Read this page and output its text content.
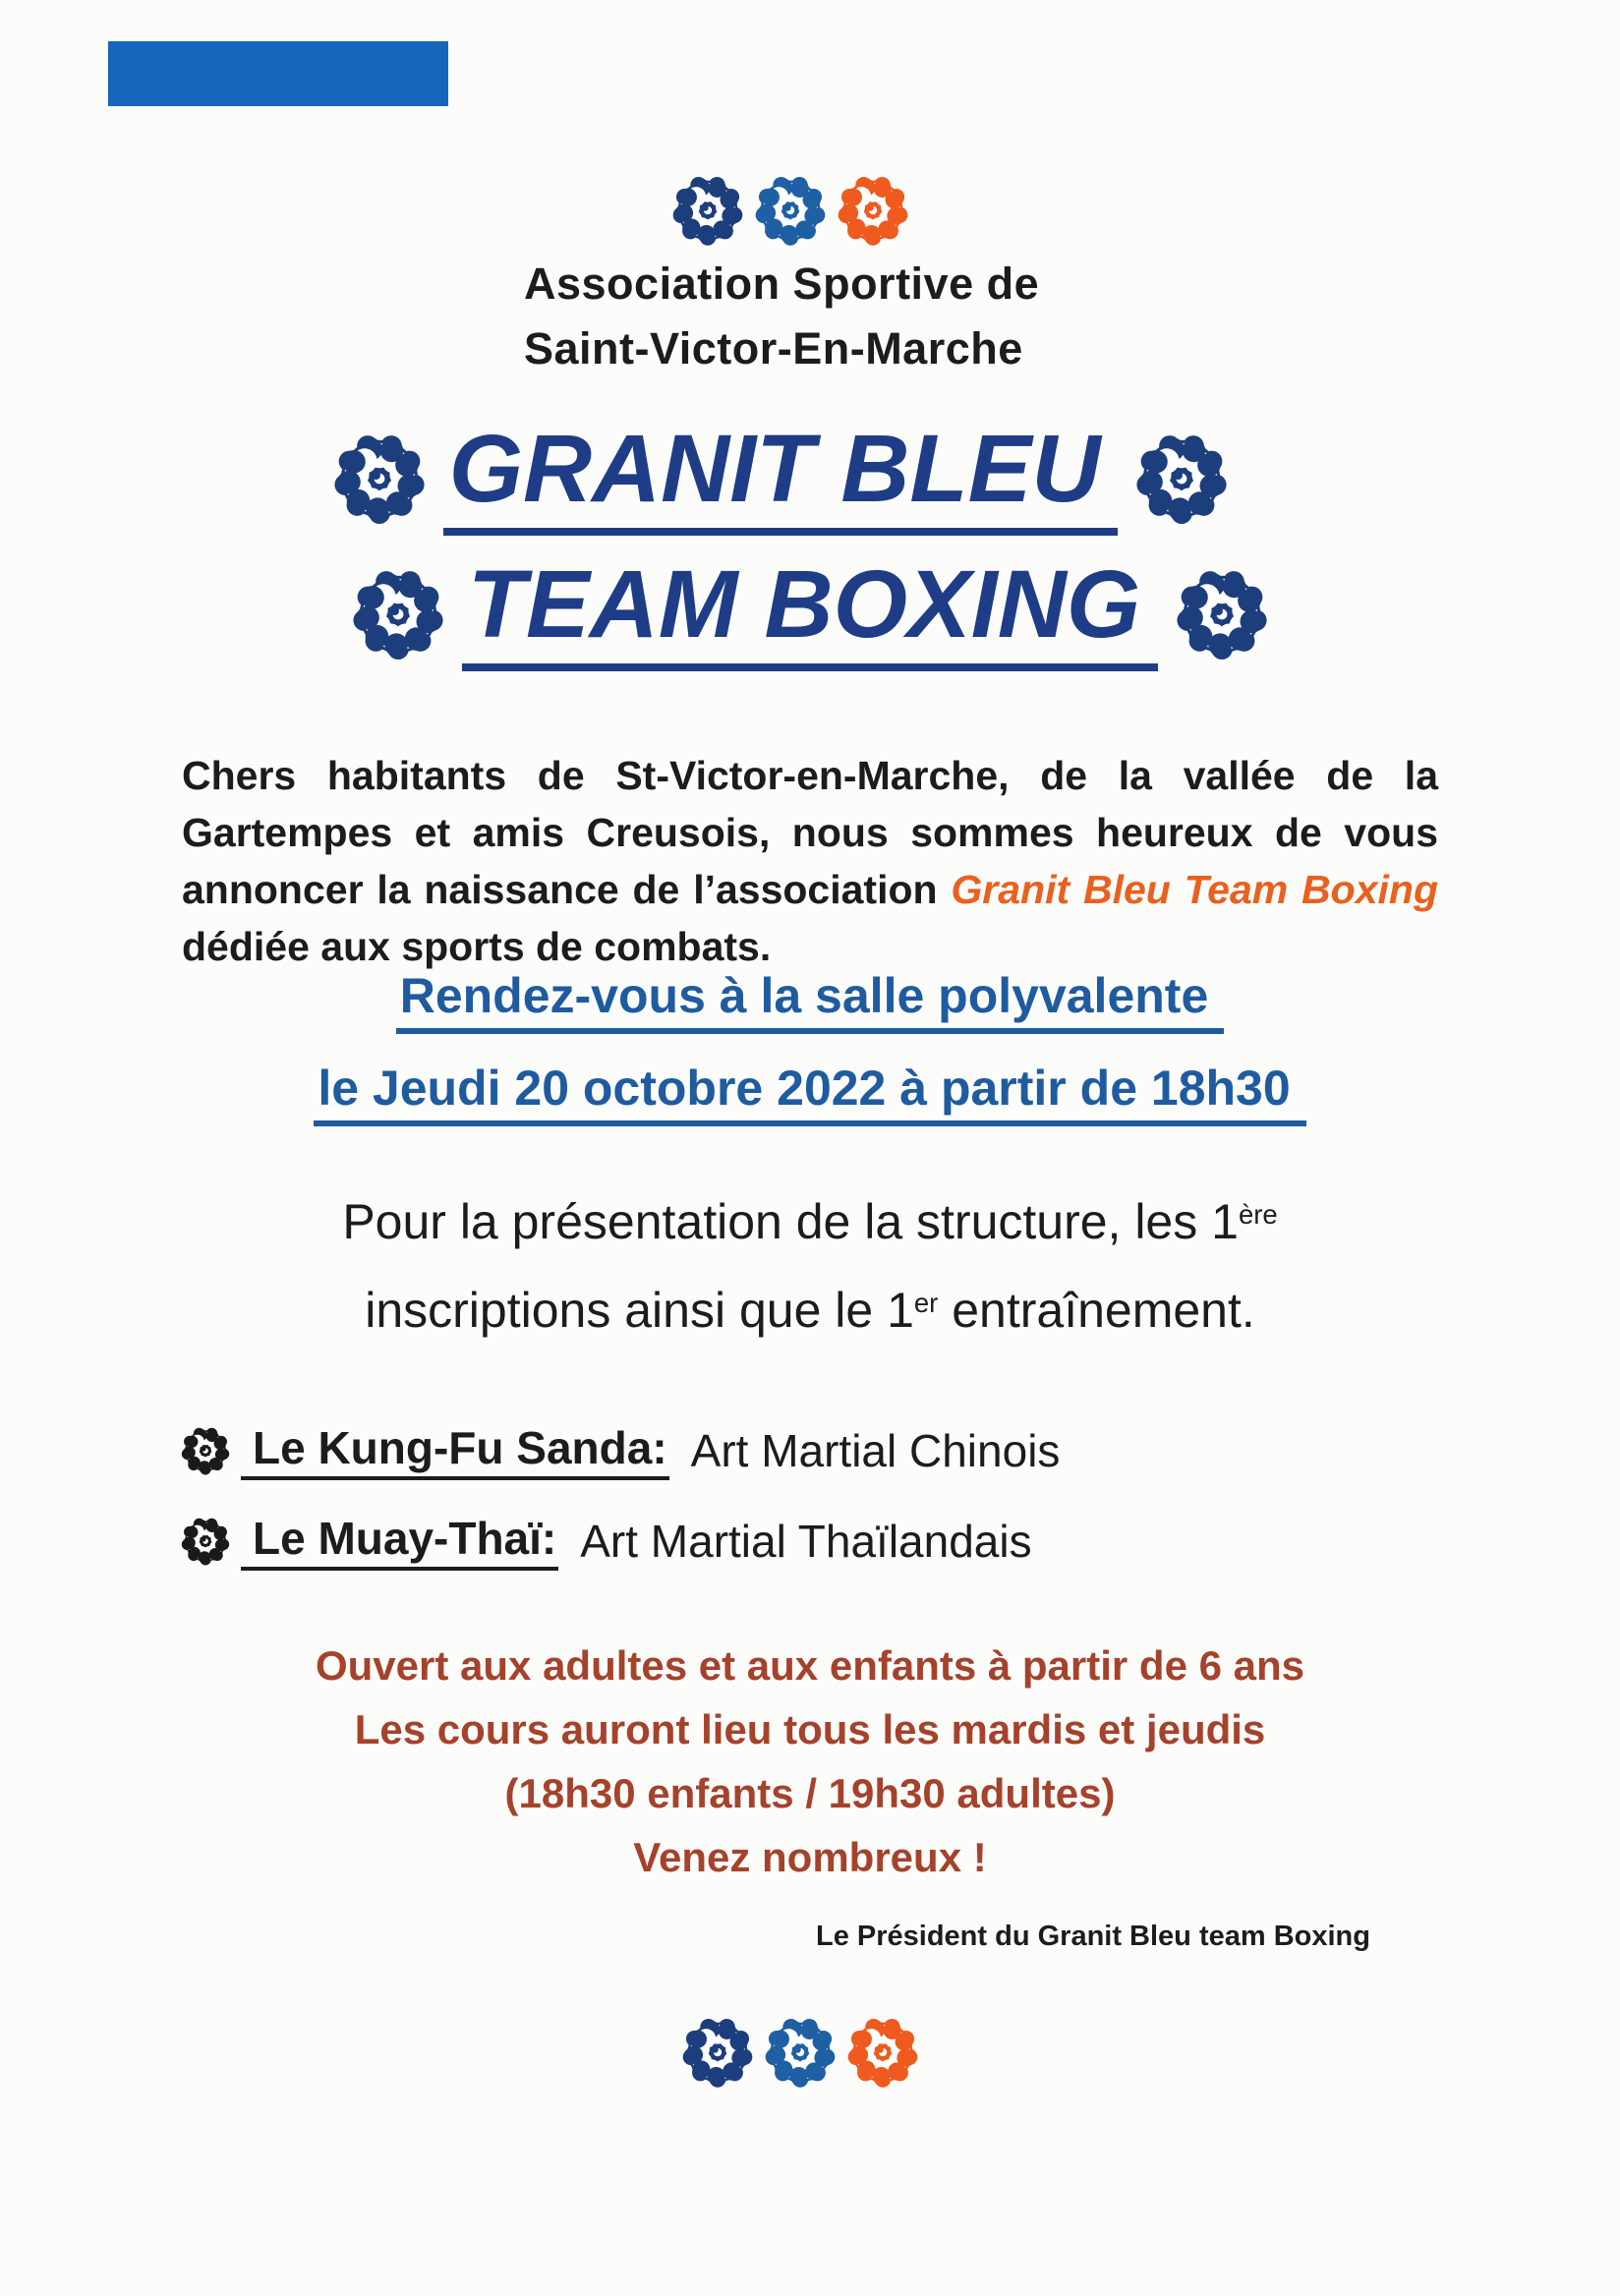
Association Sportive de
Saint-Victor-En-Marche
GRANIT BLEU
TEAM BOXING
Chers habitants de St-Victor-en-Marche, de la vallée de la
Gartempes et amis Creusois, nous sommes heureux de vous
annoncer la naissance de l’association Granit Bleu Team Boxing
dédiée aux sports de combats.
Rendez-vous à la salle polyvalente
le Jeudi 20 octobre 2022 à partir de 18h30
Pour la présentation de la structure, les 1ère
inscriptions ainsi que le 1er entraînement.
Le Kung-Fu Sanda: Art Martial Chinois
Le Muay-Thaï: Art Martial Thaïlandais
Ouvert aux adultes et aux enfants à partir de 6 ans
Les cours auront lieu tous les mardis et jeudis
(18h30 enfants / 19h30 adultes)
Venez nombreux !
Le Président du Granit Bleu team Boxing
